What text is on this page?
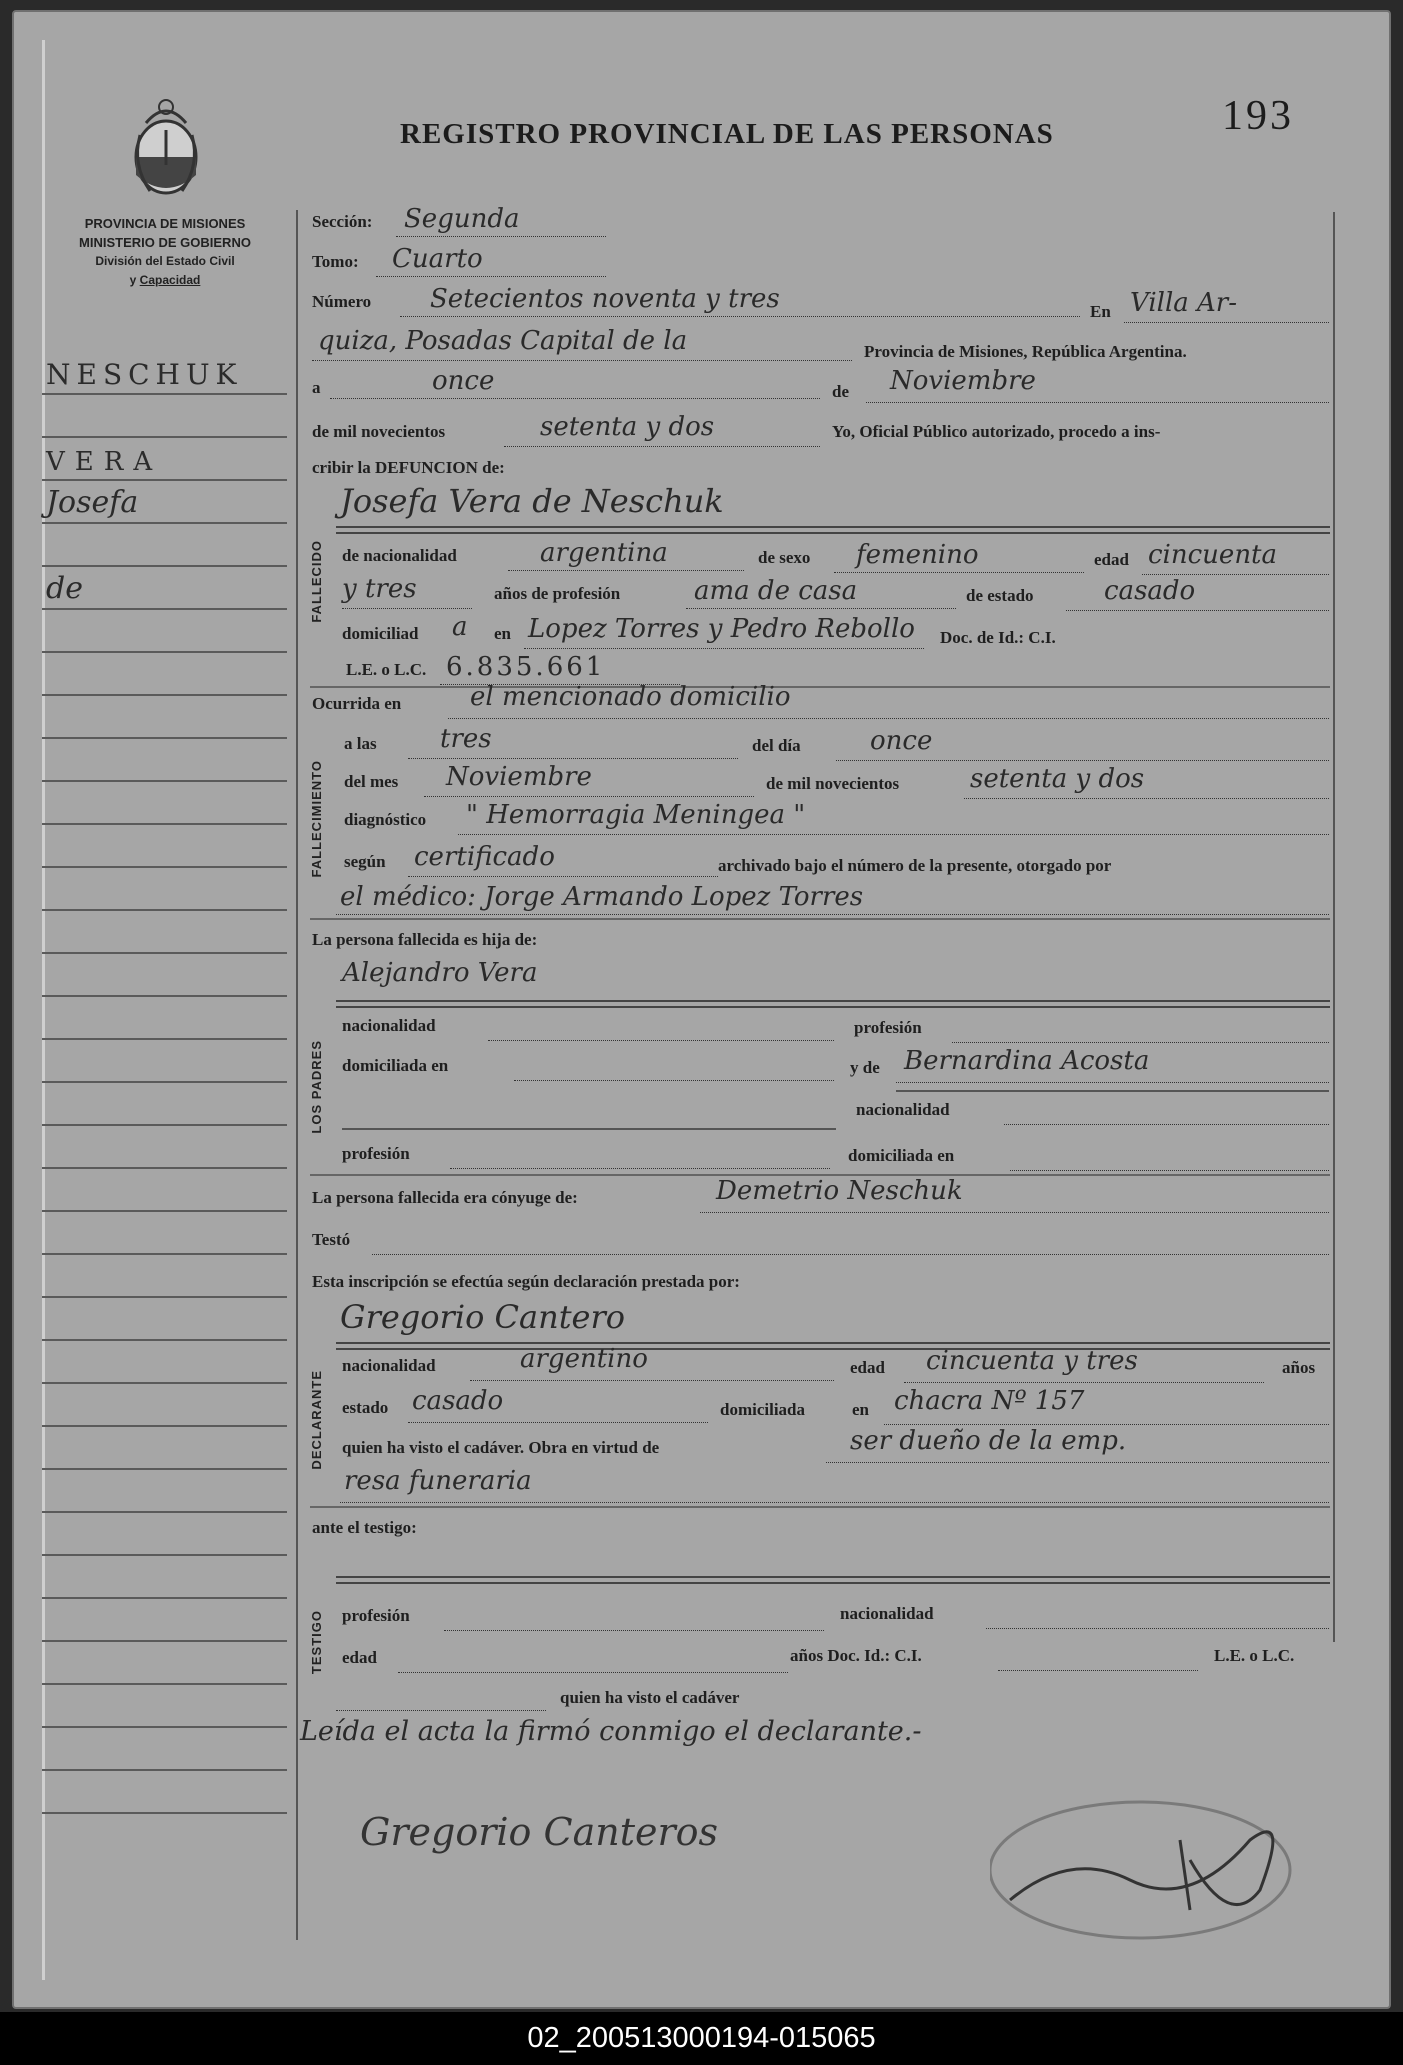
REGISTRO PROVINCIAL DE LAS PERSONAS	193
PROVINCIA DE MISIONES
MINISTERIO DE GOBIERNO
División del Estado Civil
y Capacidad
NESCHUK
VERA
Josefa
de
Sección: Segunda
Tomo: Cuarto
Número Setecientos noventa y tres	En Villa Ar-
quiza, Posadas Capital de la	Provincia de Misiones, República Argentina.
a	once	de Noviembre
de mil novecientos	setenta y dos	Yo, Oficial Público autorizado, procedo a ins-
cribir la DEFUNCION de:
FALLECIDO
Josefa Vera de Neschuk
de nacionalidad	argentina	de sexo femenino	edad cincuenta
y tres	años de profesión	ama de casa	de estado	casado
domiciliad a en Lopez Torres y Pedro Rebollo Doc. de Id.: C.I.
L.E. o L.C. 6.835.661
Ocurrida en	el mencionado domicilio
FALLECIMIENTO
a las tres	del día	once
del mes Noviembre	de mil novecientos	setenta y dos
diagnóstico " Hemorragia Meningea "
según certificado	archivado bajo el número de la presente, otorgado por
el médico: Jorge Armando Lopez Torres
La persona fallecida es hija de:
LOS PADRES
Alejandro Vera
nacionalidad	profesión
domiciliada en	y de Bernardina Acosta
nacionalidad
profesión	domiciliada en
La persona fallecida era cónyuge de:	Demetrio Neschuk
Testó
Esta inscripción se efectúa según declaración prestada por:
DECLARANTE
Gregorio Cantero
nacionalidad	argentino	edad cincuenta y tres	años
estado casado	domiciliada	en chacra Nº 157
quien ha visto el cadáver. Obra en virtud de	ser dueño de la emp.
resa funeraria
ante el testigo:
TESTIGO profesión	nacionalidad
edad	años Doc. Id.: C.I.	L.E. o L.C.
quien ha visto el cadáver
Leída el acta la firmó conmigo el declarante.-
Gregorio Canteros
02_200513000194-015065
